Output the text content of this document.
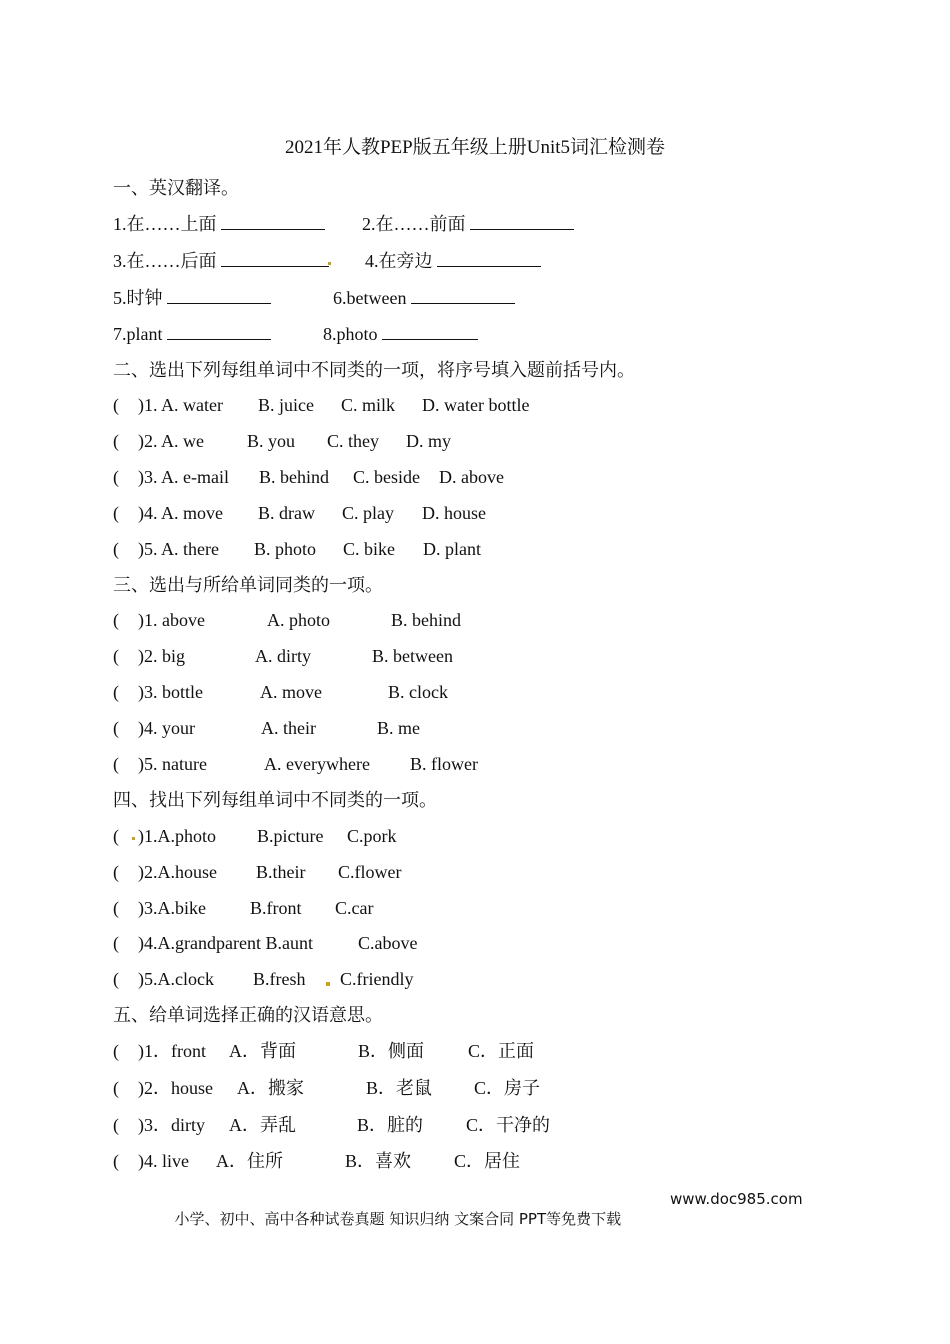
2021年人教PEP版五年级上册Unit5词汇检测卷
一、英汉翻译。
1.在……上面	2.在……前面
3.在……后面	4.在旁边
5.时钟	6.between
7.plant	8.photo
二、选出下列每组单词中不同类的一项，将序号填入题前括号内。
( )1. A. water B. juice C. milk D. water bottle
( )2. A. we B. you C. they D. my
( )3. A. e-mail B. behind C. beside D. above
( )4. A. move B. draw C. play D. house
( )5. A. there B. photo C. bike D. plant
三、选出与所给单词同类的一项。
( )1. above	A. photo	B. behind
( )2. big	A. dirty	B. between
( )3. bottle	A. move	B. clock
( )4. your	A. their	B. me
( )5. nature	A. everywhere B. flower
四、找出下列每组单词中不同类的一项。
( )1.A.photo B.picture C.pork
( )2.A.house B.their C.flower
( )3.A.bike B.front C.car
( )4.A.grandparent B.aunt	C.above
( )5.A.clock B.fresh C.friendly
五、给单词选择正确的汉语意思。
( )1．front A．背面	B．侧面 C．正面
( )2．house A．搬家	B．老鼠 C．房子
( )3．dirty A．弄乱	B．脏的 C．干净的
( )4. live A．住所	B．喜欢 C．居住

小学、初中、高中各种试卷真题 知识归纳 文案合同 PPT等免费下载

www.doc985.com
